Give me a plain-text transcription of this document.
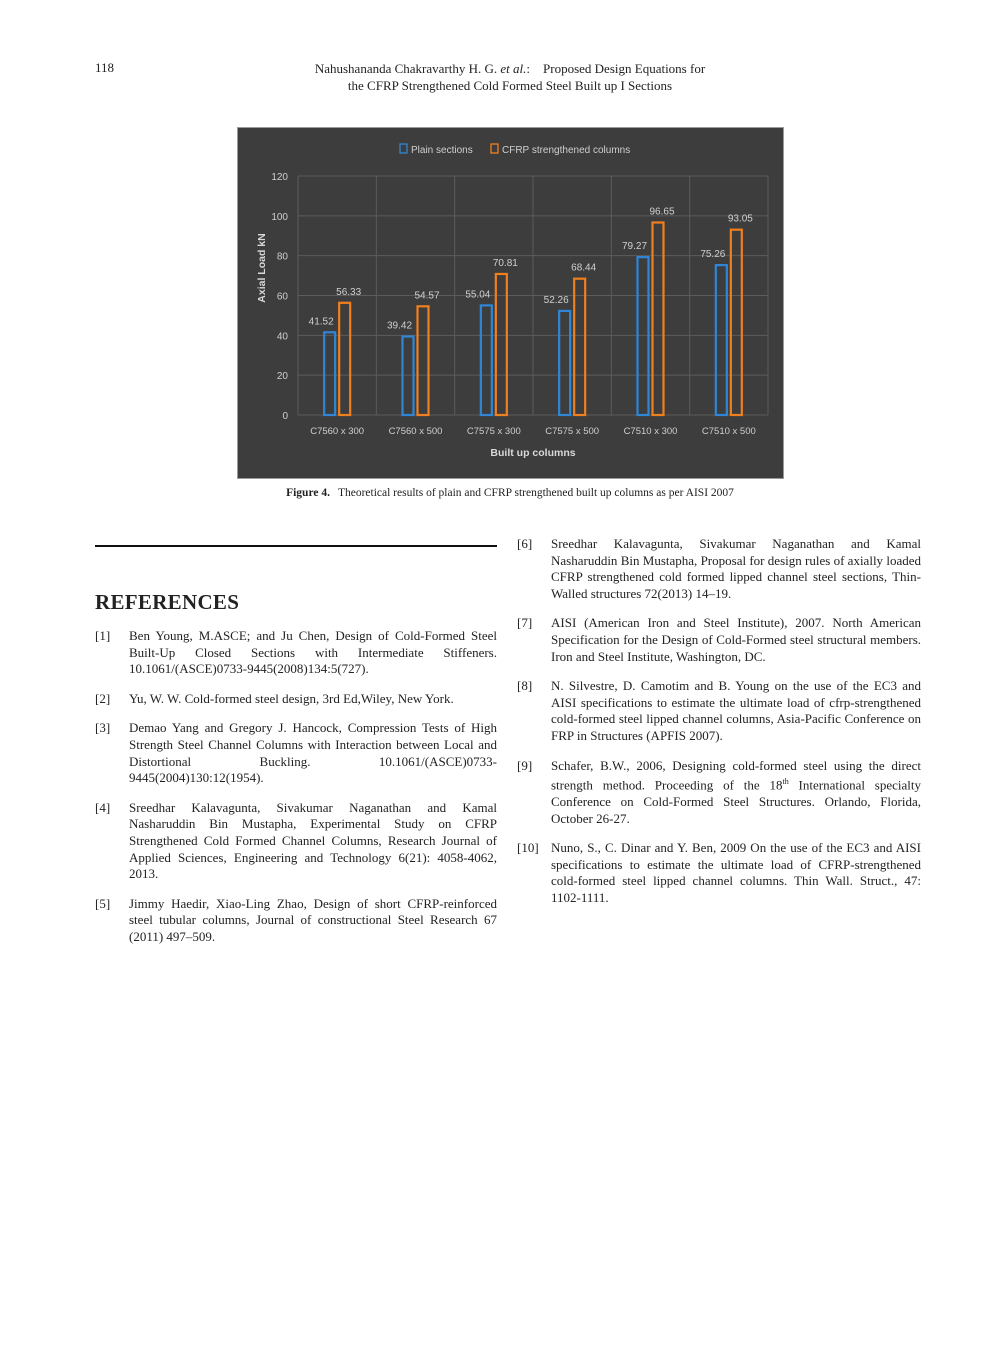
118	Nahushananda Chakravarthy H. G. et al.: Proposed Design Equations for
the CFRP Strengthened Cold Formed Steel Built up I Sections
41.52
56.33
39.42
54.57	55.04
70.81
52.26
68.44
79.27
96.65
75.26
93.05
0
20
40
60
80
100
120
C7560 x 300	C7560 x 500	C7575 x 300	C7575 x 500	C7510 x 300	C7510 x 500
Plain sections	CFRP strengthened columns
Axial Load kN
Built up columns
Figure 4. Theoretical results of plain and CFRP strengthened built up columns as per AISI 2007
REFERENCES
[1] Ben Young, M.ASCE; and Ju Chen, Design of Cold-Formed Steel Built-Up Closed Sections with Intermediate Stiffeners. 10.1061/(ASCE)0733-9445(2008)134:5(727).
[2] Yu, W. W. Cold-formed steel design, 3rd Ed,Wiley, New York.
[3] Demao Yang and Gregory J. Hancock, Compression Tests of High Strength Steel Channel Columns with Interaction between Local and Distortional Buckling. 10.1061/(ASCE)0733-9445(2004)130:12(1954).
[4] Sreedhar Kalavagunta, Sivakumar Naganathan and Kamal Nasharuddin Bin Mustapha, Experimental Study on CFRP Strengthened Cold Formed Channel Columns, Research Journal of Applied Sciences, Engineering and Technology 6(21): 4058-4062, 2013.
[5] Jimmy Haedir, Xiao-Ling Zhao, Design of short CFRP-reinforced steel tubular columns, Journal of constructional Steel Research 67 (2011) 497–509.
[6] Sreedhar Kalavagunta, Sivakumar Naganathan and Kamal Nasharuddin Bin Mustapha, Proposal for design rules of axially loaded CFRP strengthened cold formed lipped channel steel sections, Thin-Walled structures 72(2013) 14–19.
[7] AISI (American Iron and Steel Institute), 2007. North American Specification for the Design of Cold-Formed steel structural members. Iron and Steel Institute, Washington, DC.
[8] N. Silvestre, D. Camotim and B. Young on the use of the EC3 and AISI specifications to estimate the ultimate load of cfrp-strengthened cold-formed steel lipped channel columns, Asia-Pacific Conference on FRP in Structures (APFIS 2007).
[9] Schafer, B.W., 2006, Designing cold-formed steel using the direct strength method. Proceeding of the 18th International specialty Conference on Cold-Formed Steel Structures. Orlando, Florida, October 26-27.
[10] Nuno, S., C. Dinar and Y. Ben, 2009 On the use of the EC3 and AISI specifications to estimate the ultimate load of CFRP-strengthened cold-formed steel lipped channel columns. Thin Wall. Struct., 47: 1102-1111.
